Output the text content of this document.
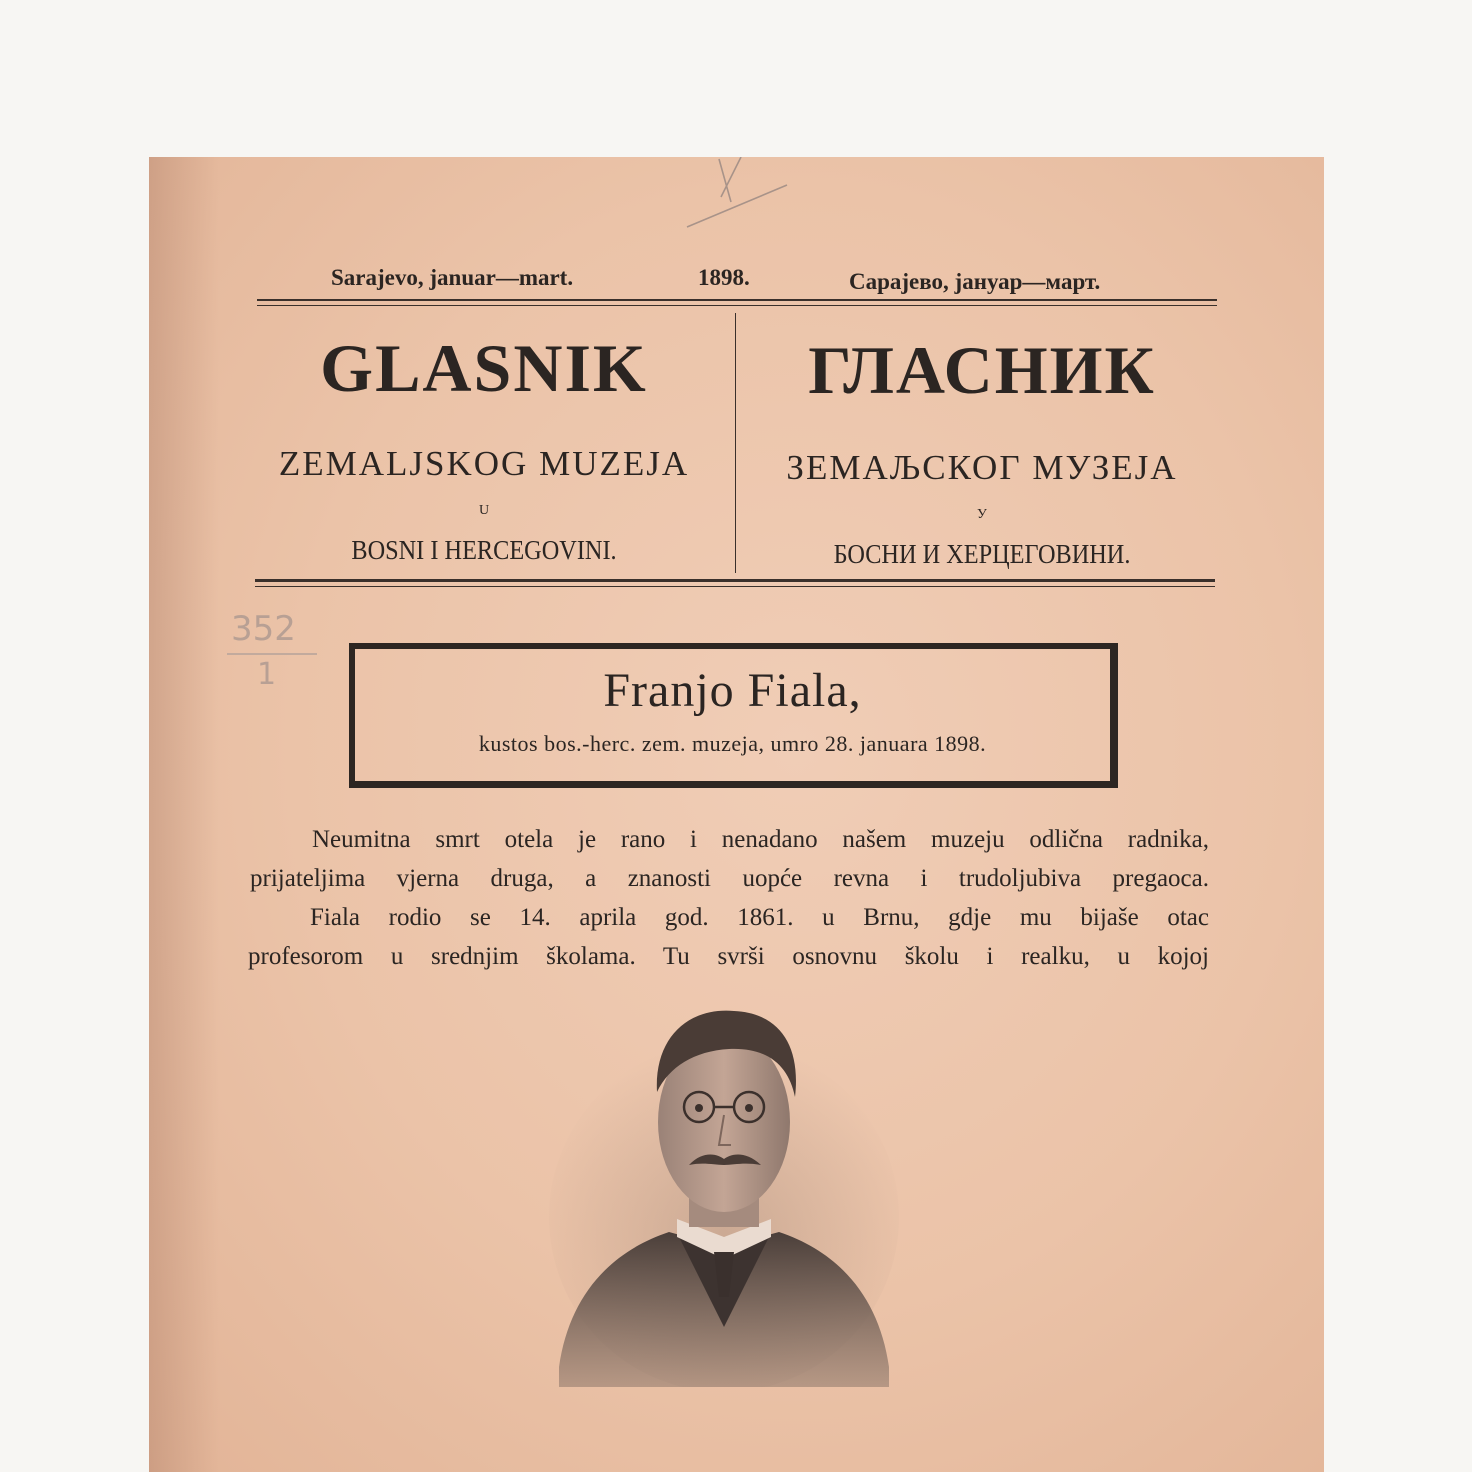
352
1
Sarajevo, januar—mart.	1898.	Сарајево, јануар—март.
GLASNIK
ZEMALJSKOG MUZEJA
U
BOSNI I HERCEGOVINI.
ГЛАСНИК
ЗЕМАЉСКОГ МУЗЕЈА
У
БОСНИ И ХЕРЦЕГОВИНИ.
Franjo Fiala,
kustos bos.-herc. zem. muzeja, umro 28. januara 1898.
Neumitna smrt otela je rano i nenadano našem muzeju odlična radnika,
prijateljima vjerna druga, a znanosti uopće revna i trudoljubiva pregaoca.
Fiala rodio se 14. aprila god. 1861. u Brnu, gdje mu bijaše otac
profesorom u srednjim školama. Tu svrši osnovnu školu i realku, u kojoj
